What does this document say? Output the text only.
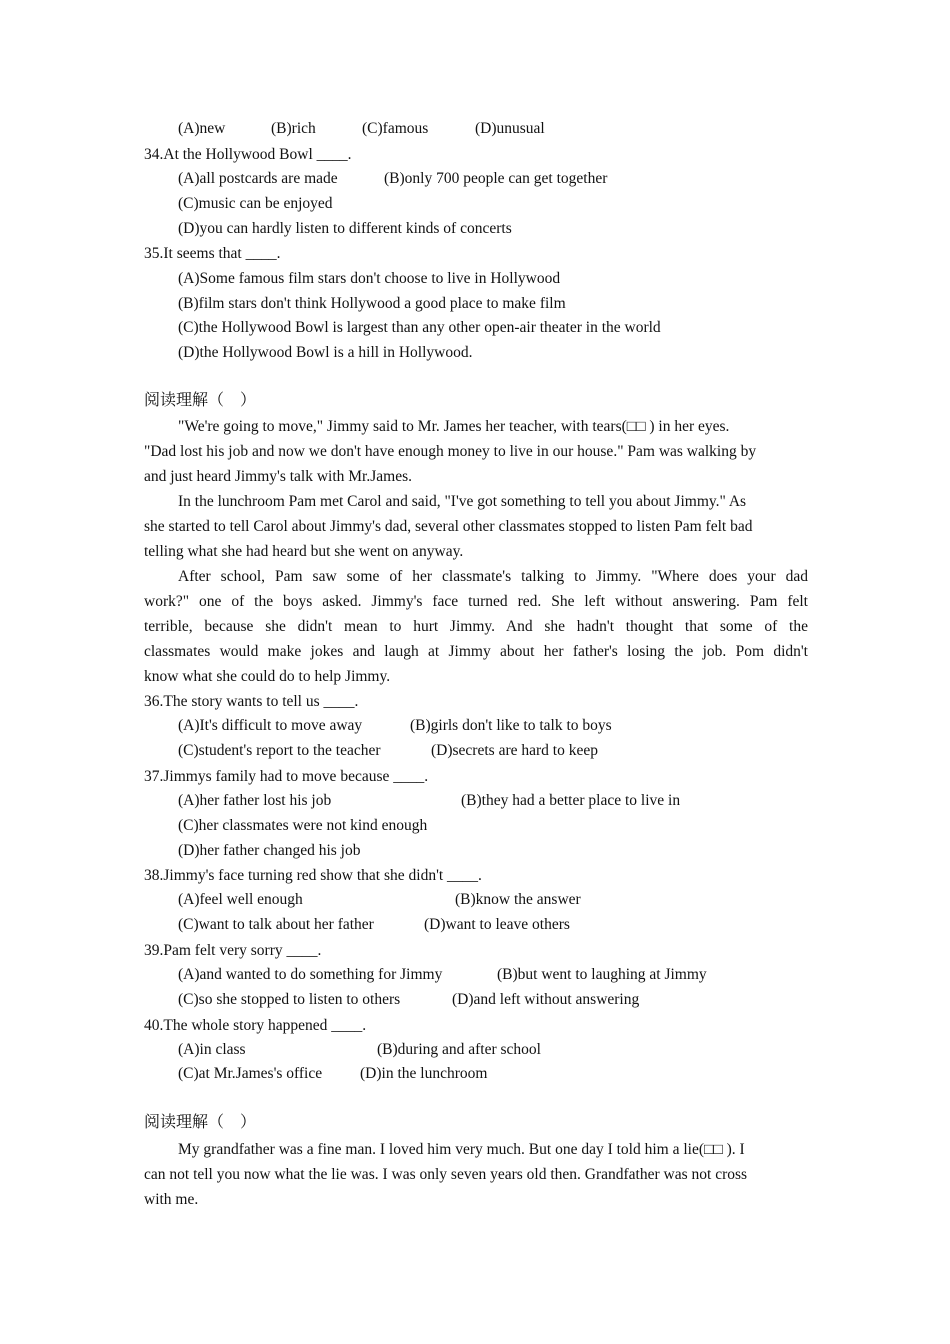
(A)new	(B)rich	(C)famous	(D)unusual
34.At the Hollywood Bowl ____.
(A)all postcards are made	(B)only 700 people can get together
(C)music can be enjoyed
(D)you can hardly listen to different kinds of concerts
35.It seems that ____.
(A)Some famous film stars don't choose to live in Hollywood
(B)film stars don't think Hollywood a good place to make film
(C)the Hollywood Bowl is largest than any other open-air theater in the world
(D)the Hollywood Bowl is a hill in Hollywood.
阅读理解（　）
"We're going to move," Jimmy said to Mr. James her teacher, with tears(□□ ) in her eyes.
"Dad lost his job and now we don't have enough money to live in our house." Pam was walking by
and just heard Jimmy's talk with Mr.James.
In the lunchroom Pam met Carol and said, "I've got something to tell you about Jimmy." As
she started to tell Carol about Jimmy's dad, several other classmates stopped to listen Pam felt bad
telling what she had heard but she went on anyway.
After school, Pam saw some of her classmate's talking to Jimmy. "Where does your dad
work?" one of the boys asked. Jimmy's face turned red. She left without answering. Pam felt
terrible, because she didn't mean to hurt Jimmy. And she hadn't thought that some of the
classmates would make jokes and laugh at Jimmy about her father's losing the job. Pom didn't
know what she could do to help Jimmy.
36.The story wants to tell us ____.
(A)It's difficult to move away	(B)girls don't like to talk to boys
(C)student's report to the teacher	(D)secrets are hard to keep
37.Jimmys family had to move because ____.
(A)her father lost his job	(B)they had a better place to live in
(C)her classmates were not kind enough
(D)her father changed his job
38.Jimmy's face turning red show that she didn't ____.
(A)feel well enough	(B)know the answer
(C)want to talk about her father	(D)want to leave others
39.Pam felt very sorry ____.
(A)and wanted to do something for Jimmy	(B)but went to laughing at Jimmy
(C)so she stopped to listen to others	(D)and left without answering
40.The whole story happened ____.
(A)in class	(B)during and after school
(C)at Mr.James's office (D)in the lunchroom
阅读理解（　）
My grandfather was a fine man. I loved him very much. But one day I told him a lie(□□ ). I
can not tell you now what the lie was. I was only seven years old then. Grandfather was not cross
with me.
